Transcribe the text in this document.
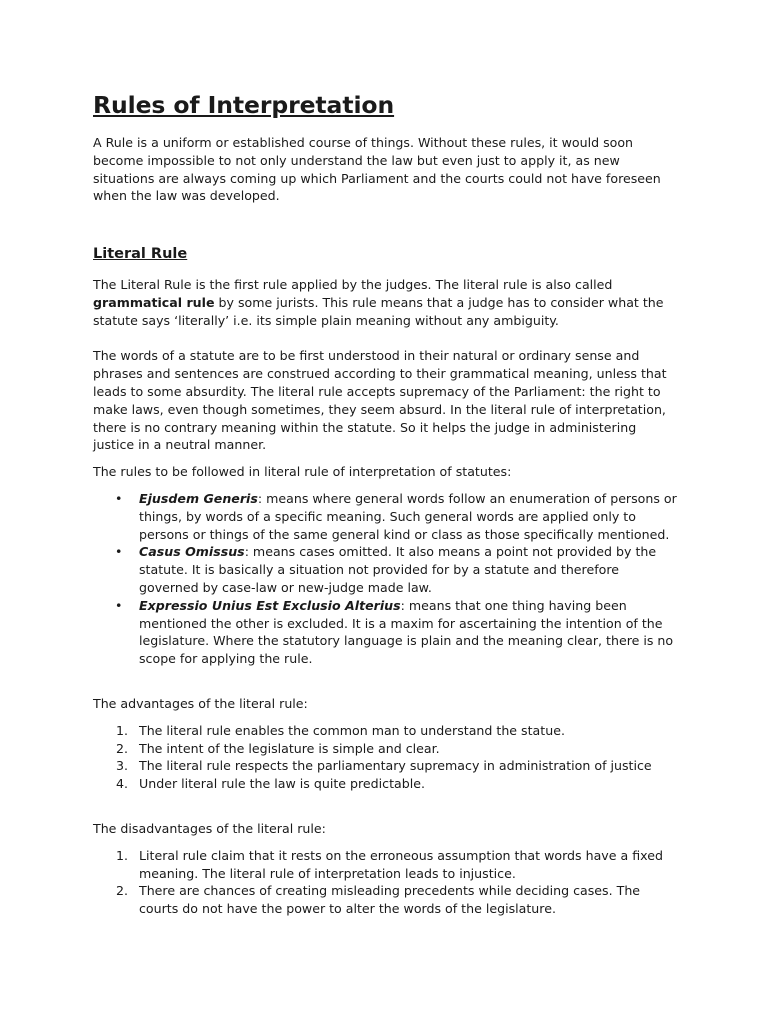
Rules of Interpretation

A Rule is a uniform or established course of things. Without these rules, it would soon become impossible to not only understand the law but even just to apply it, as new situations are always coming up which Parliament and the courts could not have foreseen when the law was developed.

Literal Rule

The Literal Rule is the first rule applied by the judges. The literal rule is also called grammatical rule by some jurists. This rule means that a judge has to consider what the statute says ‘literally’ i.e. its simple plain meaning without any ambiguity.

The words of a statute are to be first understood in their natural or ordinary sense and phrases and sentences are construed according to their grammatical meaning, unless that leads to some absurdity. The literal rule accepts supremacy of the Parliament: the right to make laws, even though sometimes, they seem absurd. In the literal rule of interpretation, there is no contrary meaning within the statute. So it helps the judge in administering justice in a neutral manner.

The rules to be followed in literal rule of interpretation of statutes:

• Ejusdem Generis: means where general words follow an enumeration of persons or things, by words of a specific meaning. Such general words are applied only to persons or things of the same general kind or class as those specifically mentioned.
• Casus Omissus: means cases omitted. It also means a point not provided by the statute. It is basically a situation not provided for by a statute and therefore governed by case-law or new-judge made law.
• Expressio Unius Est Exclusio Alterius: means that one thing having been mentioned the other is excluded. It is a maxim for ascertaining the intention of the legislature. Where the statutory language is plain and the meaning clear, there is no scope for applying the rule.

The advantages of the literal rule:

1. The literal rule enables the common man to understand the statue.
2. The intent of the legislature is simple and clear.
3. The literal rule respects the parliamentary supremacy in administration of justice
4. Under literal rule the law is quite predictable.

The disadvantages of the literal rule:

1. Literal rule claim that it rests on the erroneous assumption that words have a fixed meaning. The literal rule of interpretation leads to injustice.
2. There are chances of creating misleading precedents while deciding cases. The courts do not have the power to alter the words of the legislature.
